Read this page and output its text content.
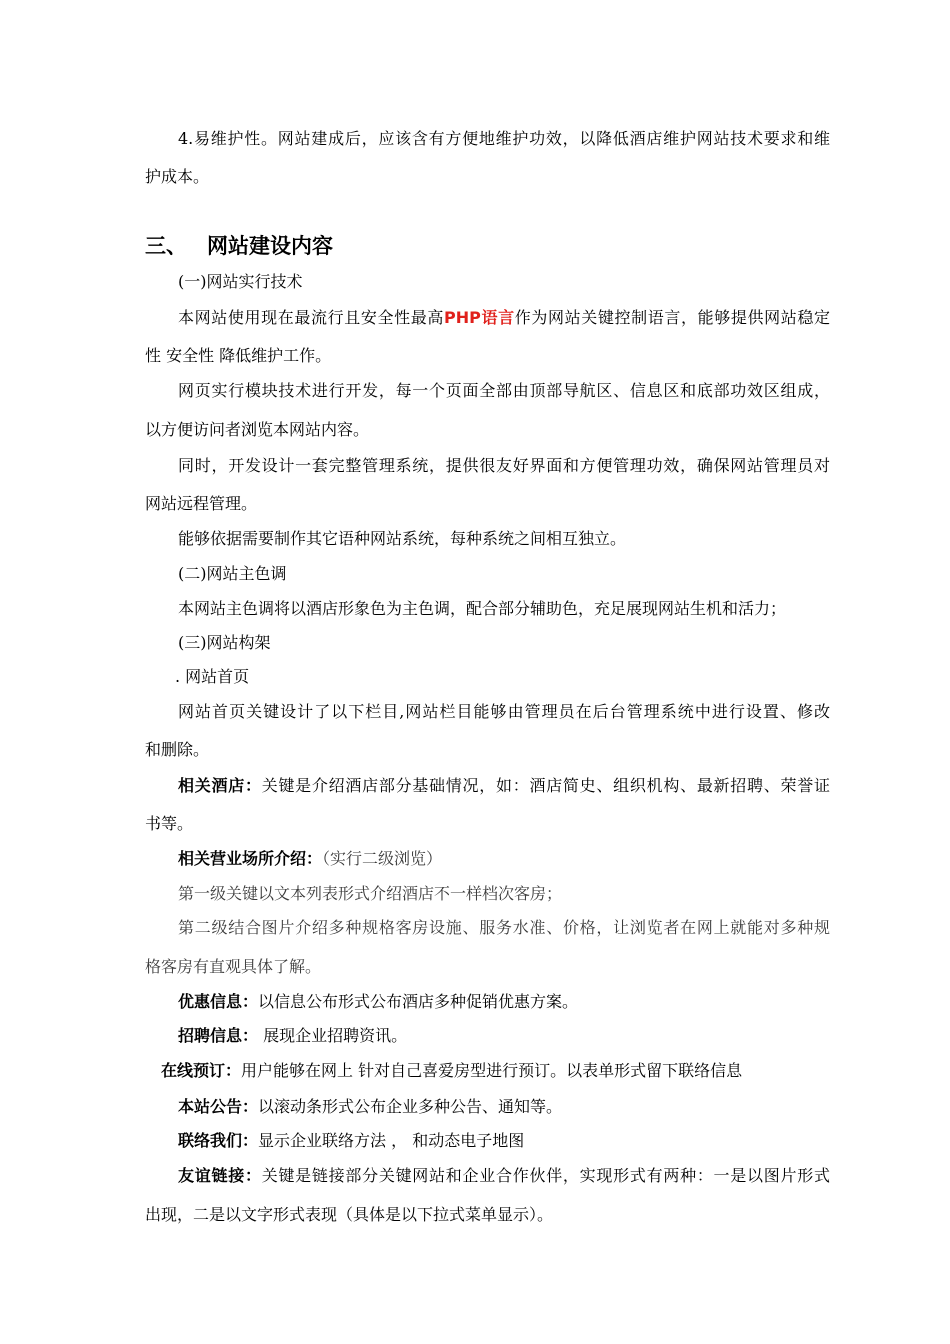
4.易维护性。网站建成后，应该含有方便地维护功效，以降低酒店维护网站技术要求和维
护成本。
三、 网站建设内容
(一)网站实行技术
本网站使用现在最流行且安全性最高PHP语言作为网站关键控制语言，能够提供网站稳定
性 安全性 降低维护工作。
网页实行模块技术进行开发，每一个页面全部由顶部导航区、信息区和底部功效区组成，
以方便访问者浏览本网站内容。
同时，开发设计一套完整管理系统，提供很友好界面和方便管理功效，确保网站管理员对
网站远程管理。
能够依据需要制作其它语种网站系统，每种系统之间相互独立。
(二)网站主色调
本网站主色调将以酒店形象色为主色调，配合部分辅助色，充足展现网站生机和活力；
(三)网站构架
. 网站首页
网站首页关键设计了以下栏目,网站栏目能够由管理员在后台管理系统中进行设置、修改
和删除。
相关酒店：关键是介绍酒店部分基础情况，如：酒店简史、组织机构、最新招聘、荣誉证
书等。
相关营业场所介绍：（实行二级浏览）
第一级关键以文本列表形式介绍酒店不一样档次客房；
第二级结合图片介绍多种规格客房设施、服务水准、价格，让浏览者在网上就能对多种规
格客房有直观具体了解。
优惠信息：以信息公布形式公布酒店多种促销优惠方案。
招聘信息： 展现企业招聘资讯。
在线预订：用户能够在网上 针对自己喜爱房型进行预订。以表单形式留下联络信息
本站公告：以滚动条形式公布企业多种公告、通知等。
联络我们：显示企业联络方法 ， 和动态电子地图
友谊链接：关键是链接部分关键网站和企业合作伙伴，实现形式有两种：一是以图片形式
出现，二是以文字形式表现（具体是以下拉式菜单显示）。
